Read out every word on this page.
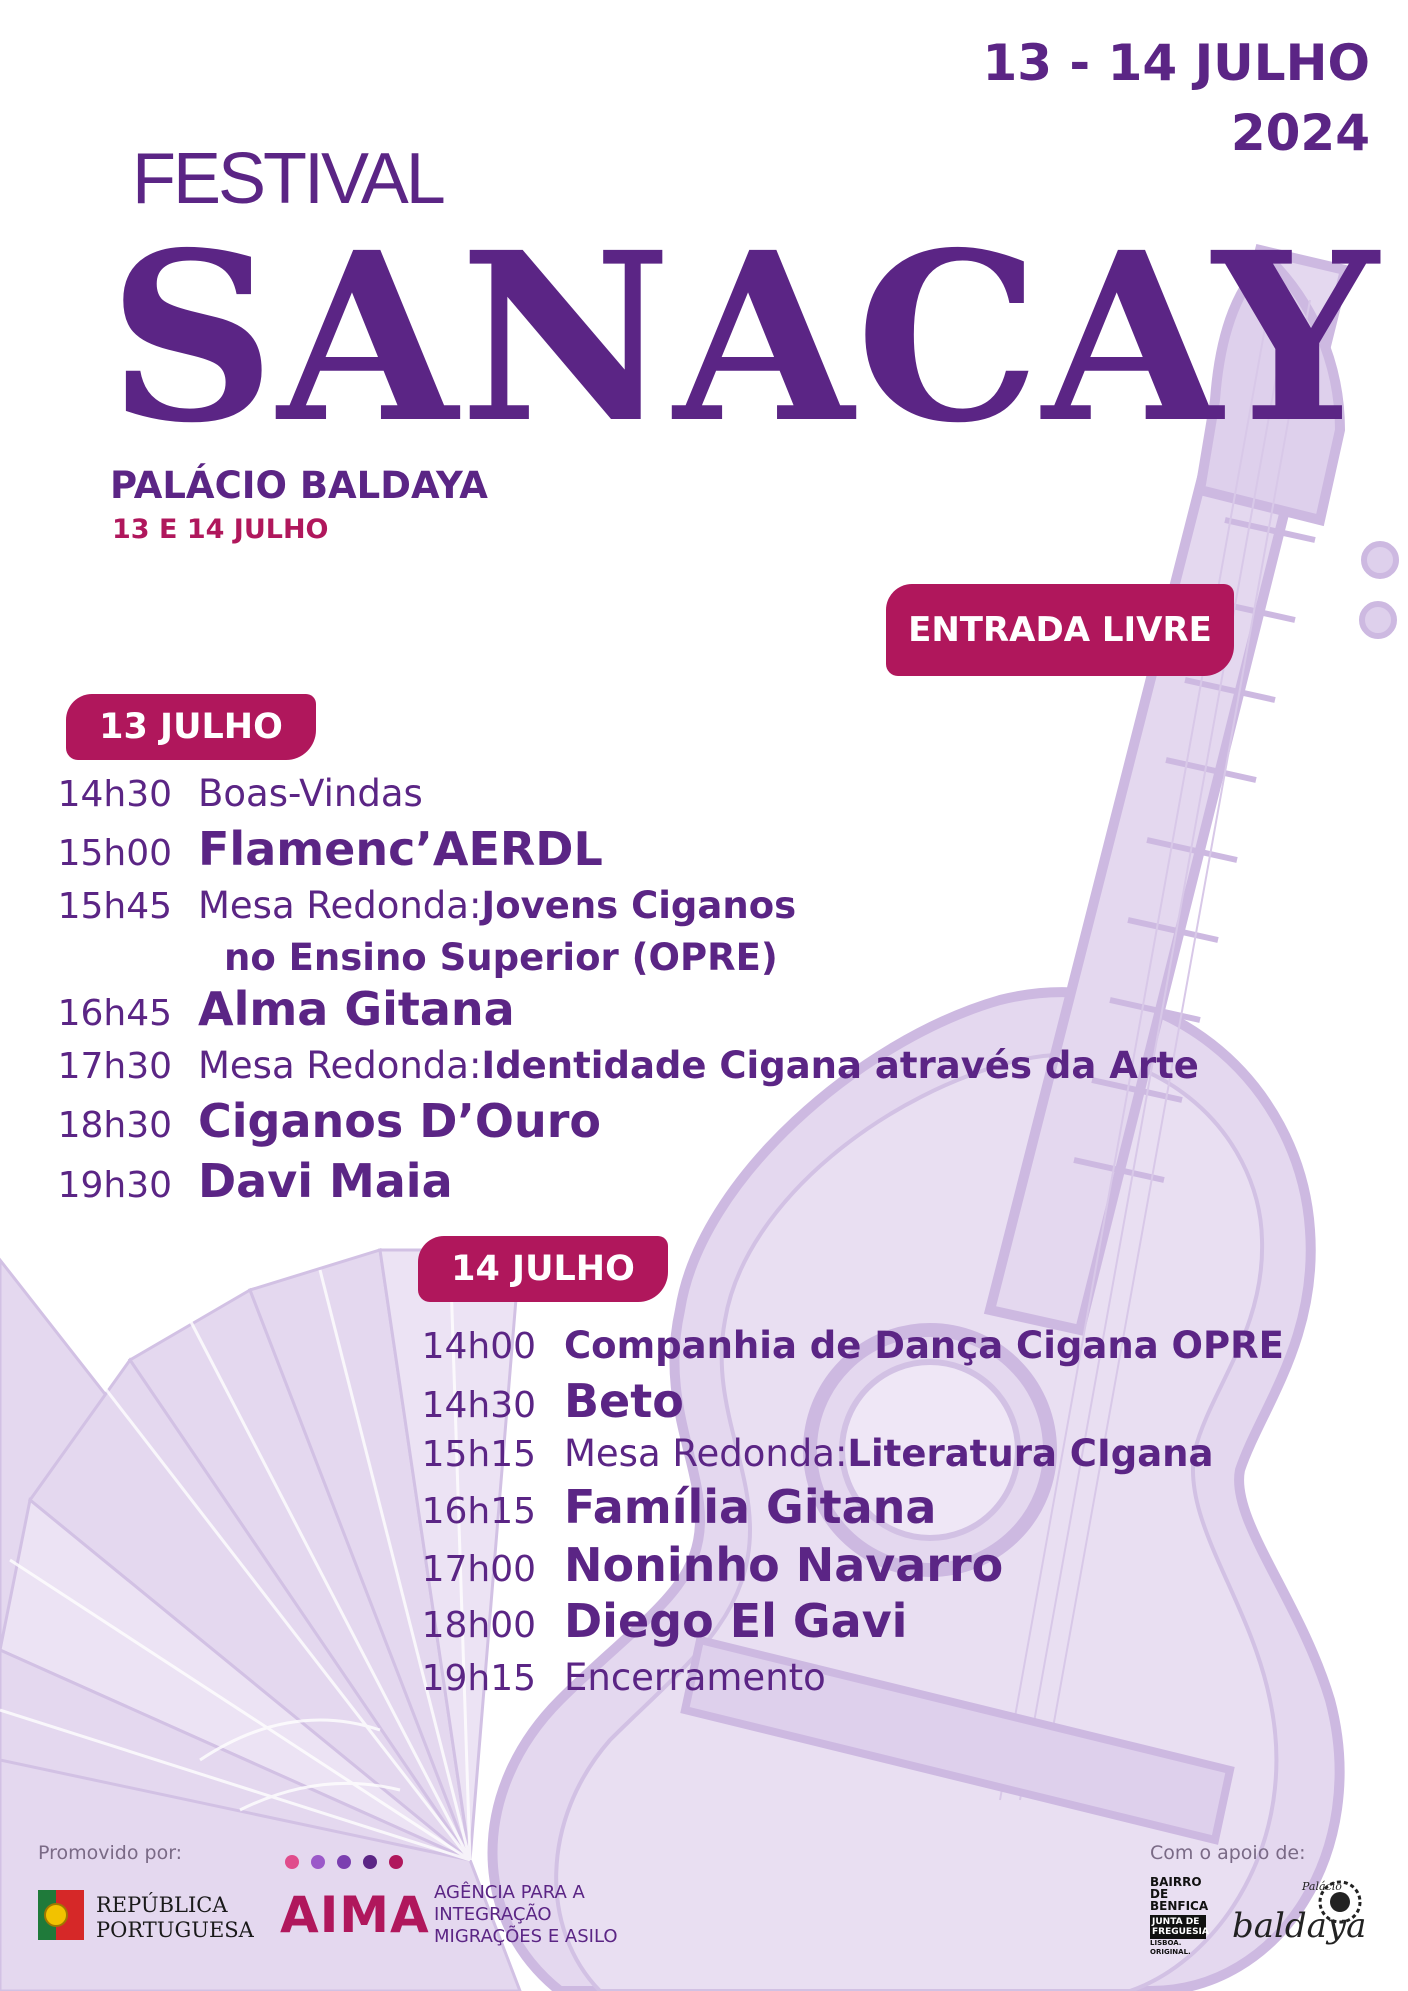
13 - 14 JULHO
2024
FESTIVAL
SANACAY
PALÁCIO BALDAYA
13 E 14 JULHO
ENTRADA LIVRE
13 JULHO
14h30 Boas-Vindas
15h00 Flamenc’AERDL
15h45 Mesa Redonda: Jovens Ciganos
no Ensino Superior (OPRE)
16h45 Alma Gitana
17h30 Mesa Redonda: Identidade Cigana através da Arte
18h30 Ciganos D’Ouro
19h30 Davi Maia
14 JULHO
14h00 Companhia de Dança Cigana OPRE
14h30 Beto
15h15 Mesa Redonda: Literatura CIgana
16h15 Família Gitana
17h00 Noninho Navarro
18h00 Diego El Gavi
19h15 Encerramento
Promovido por:
REPÚBLICA
PORTUGUESA AIMA AGÊNCIA PARA A
INTEGRAÇÃO
MIGRAÇÕES E ASILO
Com o apoio de:
BAIRRO
DE
BENFICA
JUNTA DE FREGUESIA
LISBOA. ORIGINAL.
Palácio
baldaya
